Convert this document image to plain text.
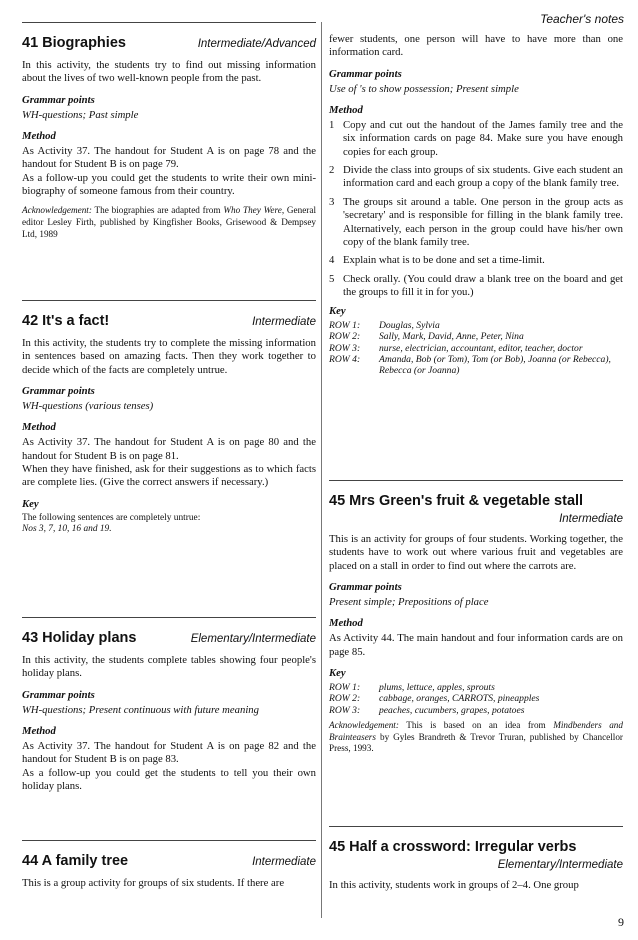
Teacher's notes
41 Biographies	Intermediate/Advanced

In this activity, the students try to find out missing information about the lives of two well-known people from the past.

Grammar points
WH-questions; Past simple
Method

As Activity 37. The handout for Student A is on page 78 and the handout for Student B is on page 79.

As a follow-up you could get the students to write their own mini-biography of someone famous from their country.

Acknowledgement: The biographies are adapted from Who They Were, General editor Lesley Firth, published by Kingfisher Books, Grisewood & Dempsey Ltd, 1989
42 It's a fact!	Intermediate

In this activity, the students try to complete the missing information in sentences based on amazing facts. Then they work together to decide which of the facts are completely untrue.

Grammar points
WH-questions (various tenses)
Method

As Activity 37. The handout for Student A is on page 80 and the handout for Student B is on page 81.

When they have finished, ask for their suggestions as to which facts are complete lies. (Give the correct answers if necessary.)

Key
The following sentences are completely untrue:
Nos 3, 7, 10, 16 and 19.
43 Holiday plans	Elementary/Intermediate

In this activity, the students complete tables showing four people's holiday plans.

Grammar points
WH-questions; Present continuous with future meaning
Method

As Activity 37. The handout for Student A is on page 82 and the handout for Student B is on page 83.

As a follow-up you could get the students to tell you their own holiday plans.

44 A family tree	Intermediate

This is a group activity for groups of six students. If there are

fewer students, one person will have to have more than one information card.

Grammar points
Use of 's to show possession; Present simple
Method
1 Copy and cut out the handout of the James family tree and the six information cards on page 84. Make sure you have enough copies for each group.
2 Divide the class into groups of six students. Give each student an information card and each group a copy of the blank family tree.
3 The groups sit around a table. One person in the group acts as 'secretary' and is responsible for filling in the blank family tree. Alternatively, each person in the group could have his/her own copy of the blank family tree.
4 Explain what is to be done and set a time-limit.
5 Check orally. (You could draw a blank tree on the board and get the groups to fill it in for you.)
Key
ROW 1:	Douglas, Sylvia
ROW 2:	Sally, Mark, David, Anne, Peter, Nina
ROW 3:	nurse, electrician, accountant, editor, teacher, doctor
ROW 4:	Amanda, Bob (or Tom), Tom (or Bob), Joanna (or Rebecca), Rebecca (or Joanna)
45 Mrs Green's fruit & vegetable stall
Intermediate

This is an activity for groups of four students. Working together, the students have to work out where various fruit and vegetables are placed on a stall in order to find out where the carrots are.

Grammar points
Present simple; Prepositions of place
Method

As Activity 44. The main handout and four information cards are on page 85.

Key
ROW 1:	plums, lettuce, apples, sprouts
ROW 2:	cabbage, oranges, CARROTS, pineapples
ROW 3:	peaches, cucumbers, grapes, potatoes
Acknowledgement: This is based on an idea from Mindbenders and Brainteasers by Gyles Brandreth & Trevor Truran, published by Chancellor Press, 1993.
45 Half a crossword: Irregular verbs
Elementary/Intermediate

In this activity, students work in groups of 2–4. One group

9
